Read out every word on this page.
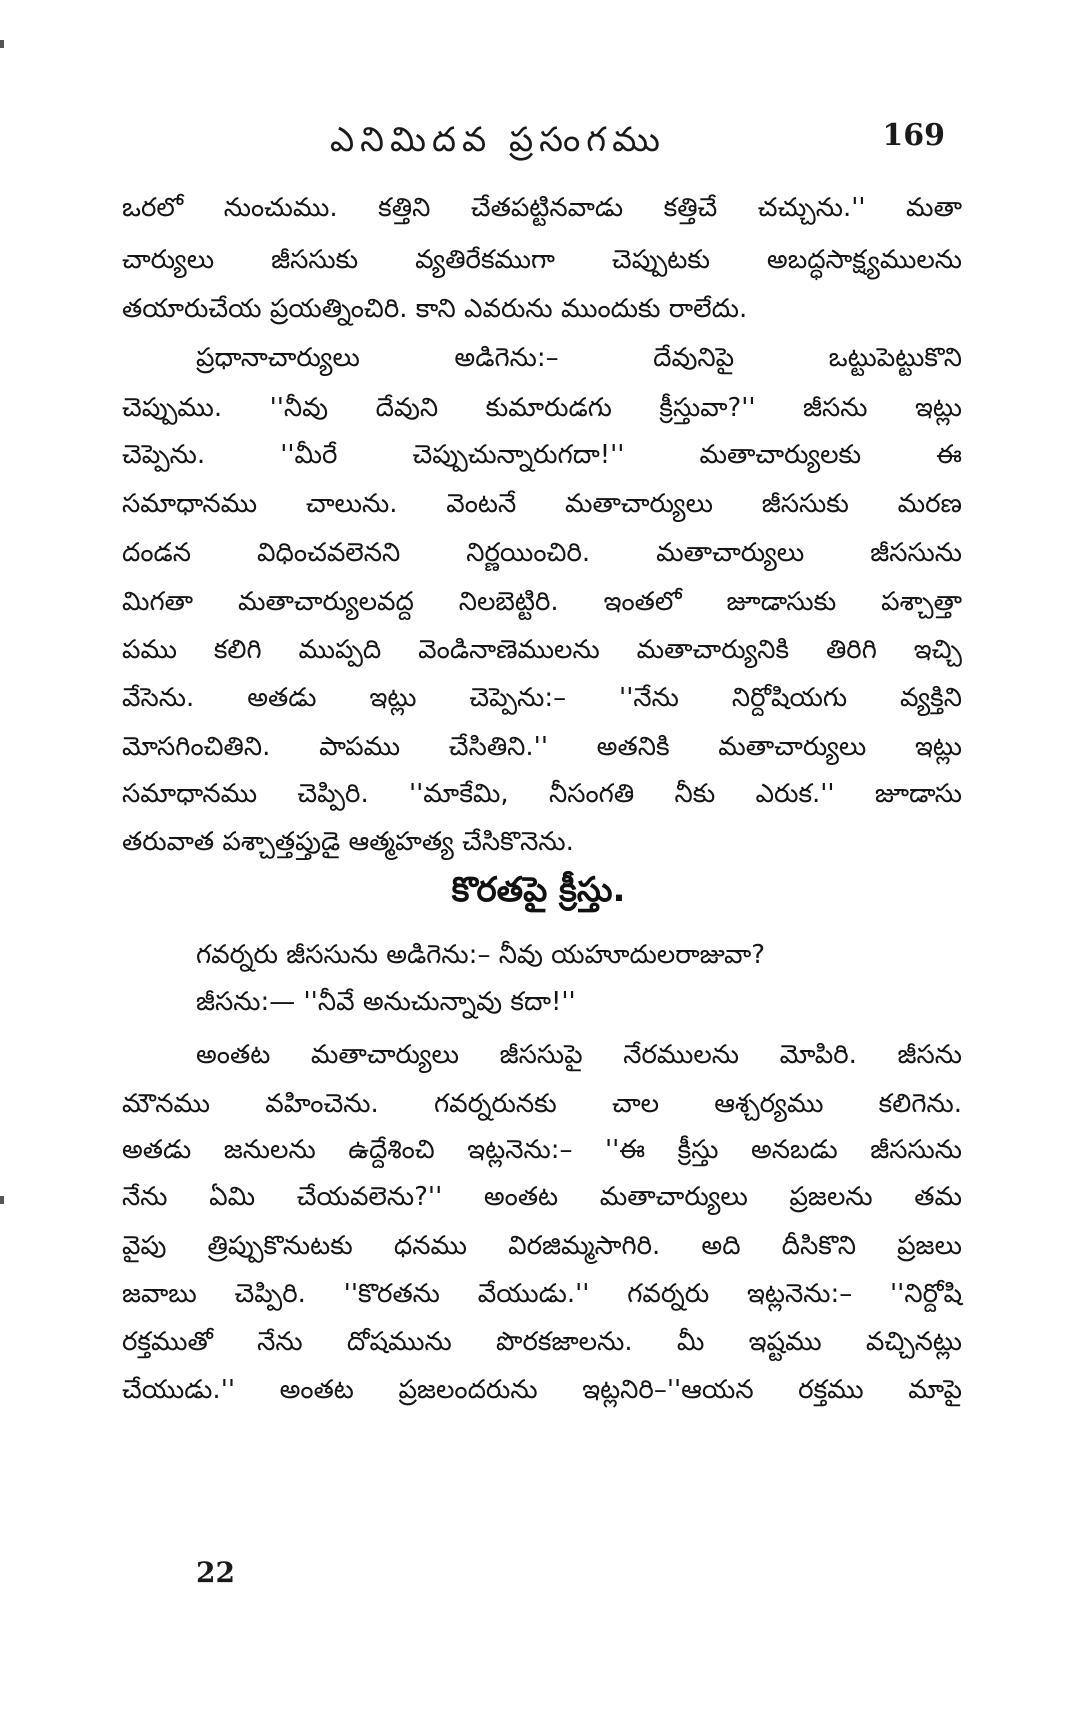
ఎనిమిదవ ప్రసంగము	169
ఒరలో నుంచుము. కత్తిని చేతపట్టినవాడు కత్తిచే చచ్చును.'' మతా
చార్యులు జీససుకు వ్యతిరేకముగా చెప్పుటకు అబద్ధసాక్ష్యములను
తయారుచేయ ప్రయత్నించిరి. కాని ఎవరును ముందుకు రాలేదు.
ప్రధానాచార్యులు అడిగెను:– దేవునిపై ఒట్టుపెట్టుకొని
చెప్పుము. ''నీవు దేవుని కుమారుడగు క్రీస్తువా?'' జీసను ఇట్లు
చెప్పెను. ''మీరే చెప్పుచున్నారుగదా!'' మతాచార్యులకు ఈ
సమాధానము చాలును. వెంటనే మతాచార్యులు జీససుకు మరణ
దండన విధించవలెనని నిర్ణయించిరి. మతాచార్యులు జీససును
మిగతా మతాచార్యులవద్ద నిలబెట్టిరి. ఇంతలో జూడాసుకు పశ్చాత్తా
పము కలిగి ముప్పది వెండినాణెములను మతాచార్యునికి తిరిగి ఇచ్చి
వేసెను. అతడు ఇట్లు చెప్పెను:– ''నేను నిర్దోషియగు వ్యక్తిని
మోసగించితిని. పాపము చేసితిని.'' అతనికి మతాచార్యులు ఇట్లు
సమాధానము చెప్పిరి. ''మాకేమి, నీసంగతి నీకు ఎరుక.'' జూడాసు
తరువాత పశ్చాత్తప్తుడై ఆత్మహత్య చేసికొనెను.
కొరతపై క్రీస్తు.
గవర్నరు జీససును అడిగెను:– నీవు యహూదులరాజువా?
జీసను:— ''నీవే అనుచున్నావు కదా!''
అంతట మతాచార్యులు జీససుపై నేరములను మోపిరి. జీసను
మౌనము వహించెను. గవర్నరునకు చాల ఆశ్చర్యము కలిగెను.
అతడు జనులను ఉద్దేశించి ఇట్లనెను:– ''ఈ క్రీస్తు అనబడు జీససును
నేను ఏమి చేయవలెను?'' అంతట మతాచార్యులు ప్రజలను తమ
వైపు త్రిప్పుకొనుటకు ధనము విరజిమ్మసాగిరి. అది దీసికొని ప్రజలు
జవాబు చెప్పిరి. ''కొరతను వేయుడు.'' గవర్నరు ఇట్లనెను:– ''నిర్దోషి
రక్తముతో నేను దోషమును పొరకజాలను. మీ ఇష్టము వచ్చినట్లు
చేయుడు.'' అంతట ప్రజలందరును ఇట్లనిరి–''ఆయన రక్తము మాపై
22
